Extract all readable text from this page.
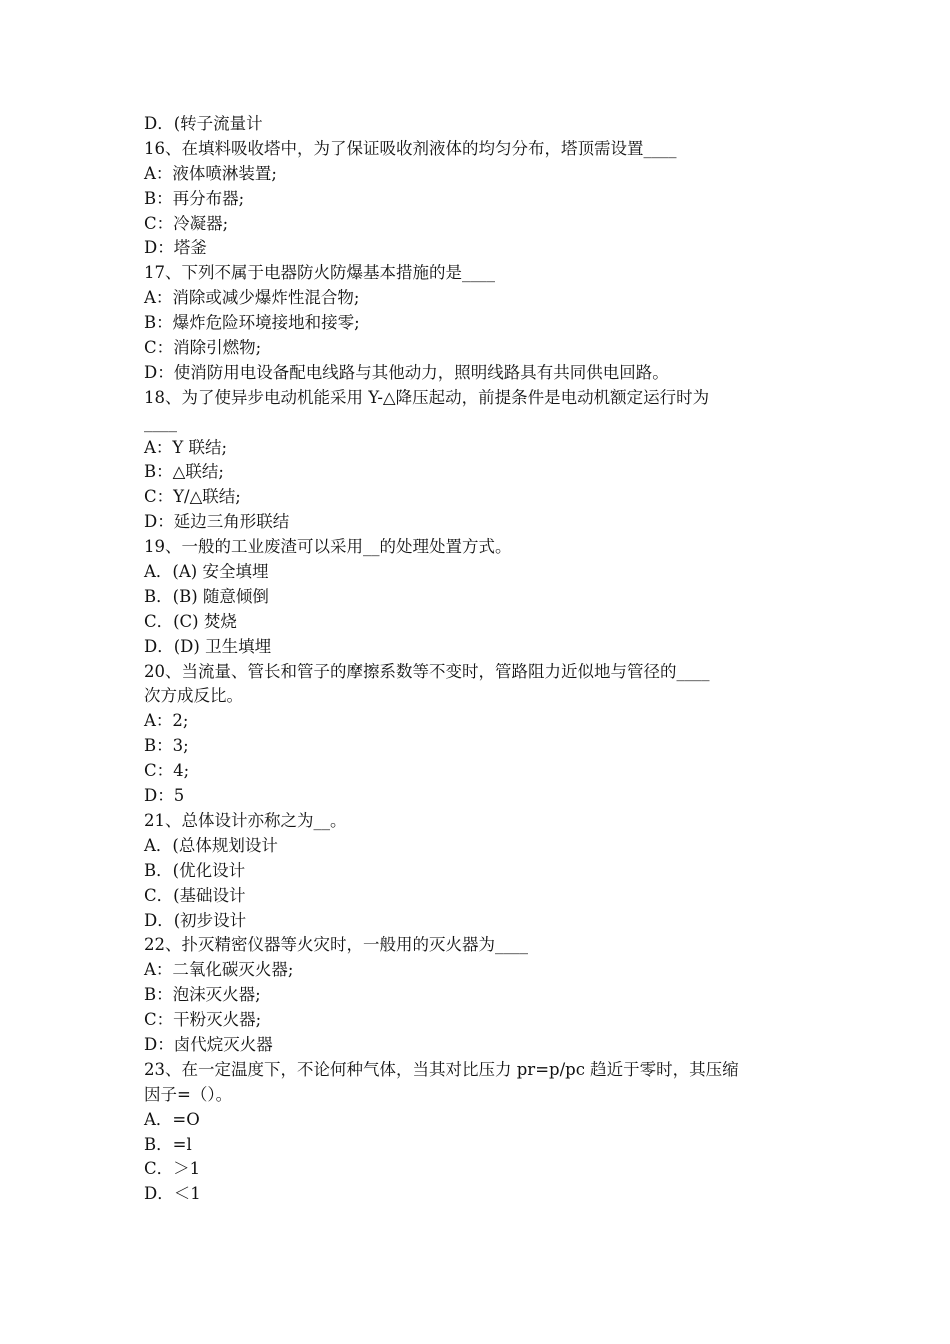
D．(转子流量计
16、在填料吸收塔中，为了保证吸收剂液体的均匀分布，塔顶需设置____
A：液体喷淋装置;
B：再分布器;
C：冷凝器;
D：塔釜
17、下列不属于电器防火防爆基本措施的是____
A：消除或减少爆炸性混合物;
B：爆炸危险环境接地和接零;
C：消除引燃物;
D：使消防用电设备配电线路与其他动力，照明线路具有共同供电回路。
18、为了使异步电动机能采用 Y-△降压起动，前提条件是电动机额定运行时为
____
A：Y 联结;
B：△联结;
C：Y/△联结;
D：延边三角形联结
19、一般的工业废渣可以采用__的处理处置方式。
A．(A) 安全填埋
B．(B) 随意倾倒
C．(C) 焚烧
D．(D) 卫生填埋
20、当流量、管长和管子的摩擦系数等不变时，管路阻力近似地与管径的____
次方成反比。
A：2;
B：3;
C：4;
D：5
21、总体设计亦称之为__。
A．(总体规划设计
B．(优化设计
C．(基础设计
D．(初步设计
22、扑灭精密仪器等火灾时，一般用的灭火器为____
A：二氧化碳灭火器;
B：泡沫灭火器;
C：干粉灭火器;
D：卤代烷灭火器
23、在一定温度下，不论何种气体，当其对比压力 pr=p/pc 趋近于零时，其压缩
因子=（）。
A．=O
B．=l
C．＞1
D．＜1
